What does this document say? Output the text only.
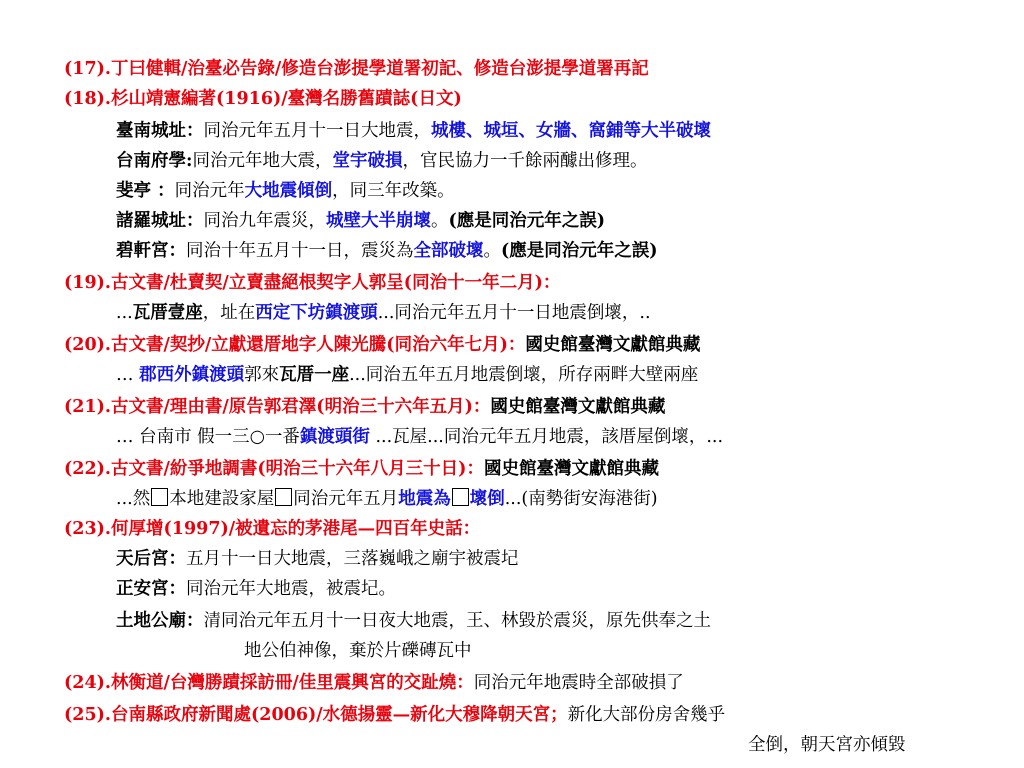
(17).丁曰健輯/治臺必告錄/修造台澎提學道署初記、修造台澎提學道署再記
(18).杉山靖憲編著(1916)/臺灣名勝舊蹟誌(日文)
臺南城址：同治元年五月十一日大地震，城樓、城垣、女牆、窩鋪等大半破壞
台南府學:同治元年地大震，堂宇破損，官民協力一千餘兩醵出修理。
斐亭 ：同治元年大地震傾倒，同三年改築。
諸羅城址：同治九年震災，城壁大半崩壞。(應是同治元年之誤)
碧軒宮：同治十年五月十一日，震災為全部破壞。(應是同治元年之誤)
(19).古文書/杜賣契/立賣盡絕根契字人郭呈(同治十一年二月)：
...瓦厝壹座，址在西定下坊鎮渡頭...同治元年五月十一日地震倒壞，..
(20).古文書/契抄/立獻還厝地字人陳光騰(同治六年七月)：國史館臺灣文獻館典藏
… 郡西外鎮渡頭郭來瓦厝一座...同治五年五月地震倒壞，所存兩畔大壁兩座
(21).古文書/理由書/原告郭君澤(明治三十六年五月)：國史館臺灣文獻館典藏
… 台南市 假一三○一番鎮渡頭街 ...瓦屋...同治元年五月地震，該厝屋倒壞，...
(22).古文書/紛爭地調書(明治三十六年八月三十日)：國史館臺灣文獻館典藏
...然 本地建設家屋 同治元年五月地震為 壞倒...(南勢街安海港街)
(23).何厚增(1997)/被遺忘的茅港尾—四百年史話：
天后宮：五月十一日大地震，三落巍峨之廟宇被震圮
正安宮：同治元年大地震，被震圮。
土地公廟：清同治元年五月十一日夜大地震，王、林毀於震災，原先供奉之土
地公伯神像，棄於片礫磚瓦中
(24).林衡道/台灣勝蹟採訪冊/佳里震興宮的交趾燒：同治元年地震時全部破損了
(25).台南縣政府新聞處(2006)/水德揚靈—新化大穆降朝天宮；新化大部份房舍幾乎
全倒，朝天宮亦傾毀
